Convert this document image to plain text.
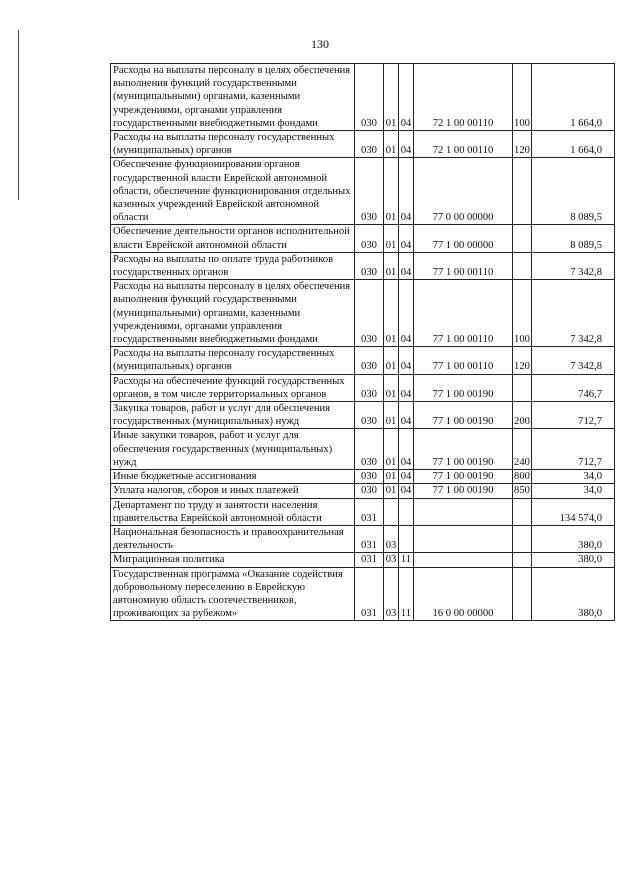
130
Расходы на выплаты персоналу в целях обеспечения выполнения функций государственными (муниципальными) органами, казенными учреждениями, органами управления государственными внебюджетными фондами	030	01	04	72 1 00 00110	100	1 664,0
Расходы на выплаты персоналу государственных (муниципальных) органов	030	01	04	72 1 00 00110	120	1 664,0
Обеспечение функционирования органов государственной власти Еврейской автономной области, обеспечение функционирования отдельных казенных учреждений Еврейской автономной области	030	01	04	77 0 00 00000		8 089,5
Обеспечение деятельности органов исполнительной власти Еврейской автономной области	030	01	04	77 1 00 00000		8 089,5
Расходы на выплаты по оплате труда работников государственных органов	030	01	04	77 1 00 00110		7 342,8
Расходы на выплаты персоналу в целях обеспечения выполнения функций государственными (муниципальными) органами, казенными учреждениями, органами управления государственными внебюджетными фондами	030	01	04	77 1 00 00110	100	7 342,8
Расходы на выплаты персоналу государственных (муниципальных) органов	030	01	04	77 1 00 00110	120	7 342,8
Расходы на обеспечение функций государственных органов, в том числе территориальных органов	030	01	04	77 1 00 00190		746,7
Закупка товаров, работ и услуг для обеспечения государственных (муниципальных) нужд	030	01	04	77 1 00 00190	200	712,7
Иные закупки товаров, работ и услуг для обеспечения государственных (муниципальных) нужд	030	01	04	77 1 00 00190	240	712,7
Иные бюджетные ассигнования	030	01	04	77 1 00 00190	800	34,0
Уплата налогов, сборов и иных платежей	030	01	04	77 1 00 00190	850	34,0
Департамент по труду и занятости населения правительства Еврейской автономной области	031					134 574,0
Национальная безопасность и правоохранительная деятельность	031	03				380,0
Миграционная политика	031	03	11			380,0
Государственная программа «Оказание содействия добровольному переселению в Еврейскую автономную область соотечественников, проживающих за рубежом»	031	03	11	16 0 00 00000		380,0
